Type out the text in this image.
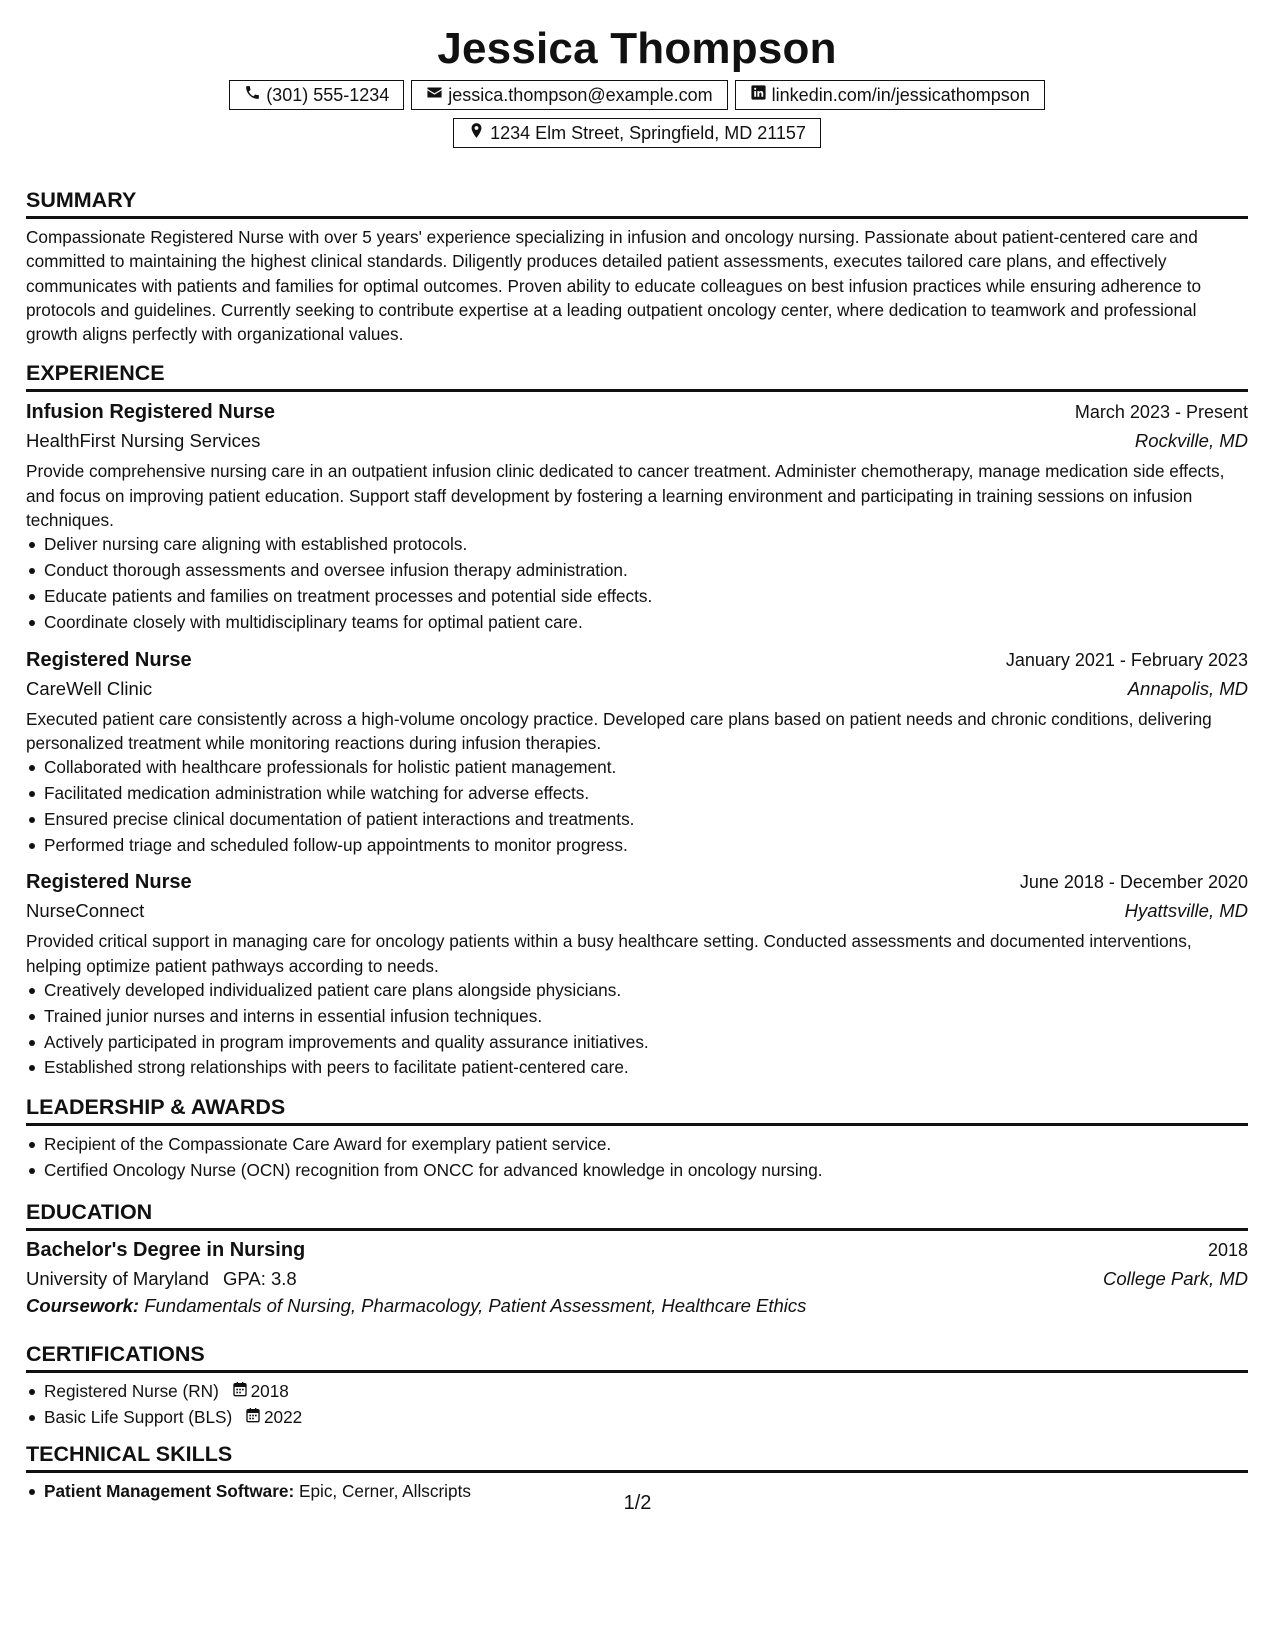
Jessica Thompson
(301) 555-1234	jessica.thompson@example.com	linkedin.com/in/jessicathompson
1234 Elm Street, Springfield, MD 21157
SUMMARY

Compassionate Registered Nurse with over 5 years' experience specializing in infusion and oncology nursing. Passionate about patient-centered care and committed to maintaining the highest clinical standards. Diligently produces detailed patient assessments, executes tailored care plans, and effectively communicates with patients and families for optimal outcomes. Proven ability to educate colleagues on best infusion practices while ensuring adherence to protocols and guidelines. Currently seeking to contribute expertise at a leading outpatient oncology center, where dedication to teamwork and professional growth aligns perfectly with organizational values.

EXPERIENCE
Infusion Registered Nurse	March 2023 - Present
HealthFirst Nursing Services	Rockville, MD

Provide comprehensive nursing care in an outpatient infusion clinic dedicated to cancer treatment. Administer chemotherapy, manage medication side effects, and focus on improving patient education. Support staff development by fostering a learning environment and participating in training sessions on infusion techniques.

Deliver nursing care aligning with established protocols.
Conduct thorough assessments and oversee infusion therapy administration.
Educate patients and families on treatment processes and potential side effects.
Coordinate closely with multidisciplinary teams for optimal patient care.
Registered Nurse	January 2021 - February 2023
CareWell Clinic	Annapolis, MD

Executed patient care consistently across a high-volume oncology practice. Developed care plans based on patient needs and chronic conditions, delivering personalized treatment while monitoring reactions during infusion therapies.

Collaborated with healthcare professionals for holistic patient management.
Facilitated medication administration while watching for adverse effects.
Ensured precise clinical documentation of patient interactions and treatments.
Performed triage and scheduled follow-up appointments to monitor progress.
Registered Nurse	June 2018 - December 2020
NurseConnect	Hyattsville, MD

Provided critical support in managing care for oncology patients within a busy healthcare setting. Conducted assessments and documented interventions, helping optimize patient pathways according to needs.

Creatively developed individualized patient care plans alongside physicians.
Trained junior nurses and interns in essential infusion techniques.
Actively participated in program improvements and quality assurance initiatives.
Established strong relationships with peers to facilitate patient-centered care.
LEADERSHIP & AWARDS
Recipient of the Compassionate Care Award for exemplary patient service.
Certified Oncology Nurse (OCN) recognition from ONCC for advanced knowledge in oncology nursing.
EDUCATION
Bachelor's Degree in Nursing	2018
University of Maryland GPA: 3.8	College Park, MD
Coursework: Fundamentals of Nursing, Pharmacology, Patient Assessment, Healthcare Ethics
CERTIFICATIONS
Registered Nurse (RN) 2018
Basic Life Support (BLS) 2022
TECHNICAL SKILLS
Patient Management Software: Epic, Cerner, Allscripts
1/2
